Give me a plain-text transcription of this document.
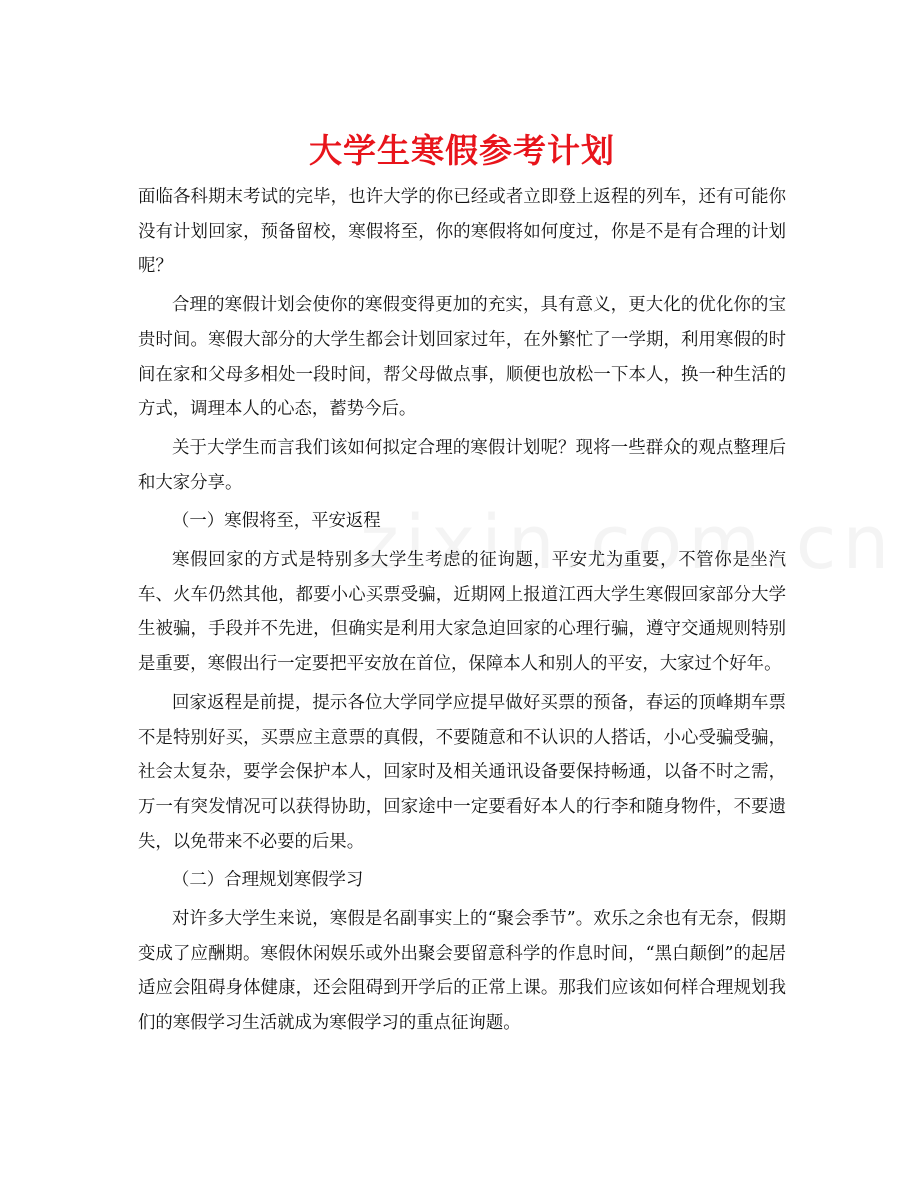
大学生寒假参考计划

面临各科期末考试的完毕，也许大学的你已经或者立即登上返程的列车，还有可能你没有计划回家，预备留校，寒假将至，你的寒假将如何度过，你是不是有合理的计划呢？

合理的寒假计划会使你的寒假变得更加的充实，具有意义，更大化的优化你的宝贵时间。寒假大部分的大学生都会计划回家过年，在外繁忙了一学期，利用寒假的时间在家和父母多相处一段时间，帮父母做点事，顺便也放松一下本人，换一种生活的方式，调理本人的心态，蓄势今后。

关于大学生而言我们该如何拟定合理的寒假计划呢？现将一些群众的观点整理后和大家分享。

（一）寒假将至，平安返程

寒假回家的方式是特别多大学生考虑的征询题，平安尤为重要，不管你是坐汽车、火车仍然其他，都要小心买票受骗，近期网上报道江西大学生寒假回家部分大学生被骗，手段并不先进，但确实是利用大家急迫回家的心理行骗，遵守交通规则特别是重要，寒假出行一定要把平安放在首位，保障本人和别人的平安，大家过个好年。

回家返程是前提，提示各位大学同学应提早做好买票的预备，春运的顶峰期车票不是特别好买，买票应主意票的真假，不要随意和不认识的人搭话，小心受骗受骗，社会太复杂，要学会保护本人，回家时及相关通讯设备要保持畅通，以备不时之需，万一有突发情况可以获得协助，回家途中一定要看好本人的行李和随身物件，不要遗失，以免带来不必要的后果。

（二）合理规划寒假学习

对许多大学生来说，寒假是名副事实上的“聚会季节”。欢乐之余也有无奈，假期变成了应酬期。寒假休闲娱乐或外出聚会要留意科学的作息时间，“黑白颠倒”的起居适应会阻碍身体健康，还会阻碍到开学后的正常上课。那我们应该如何样合理规划我们的寒假学习生活就成为寒假学习的重点征询题。
